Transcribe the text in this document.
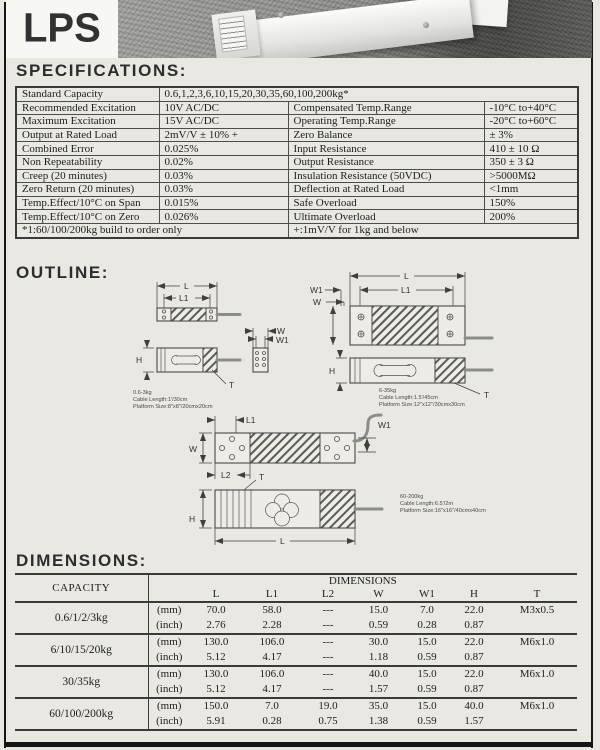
LPS
SPECIFICATIONS:
OUTLINE:
DIMENSIONS:
Standard Capacity	0.6,1,2,3,6,10,15,20,30,35,60,100,200kg*		
Recommended Excitation	10V AC/DC	Compensated Temp.Range	-10°C to+40°C
Maximum Excitation	15V AC/DC	Operating Temp.Range	-20°C to+60°C
Output at Rated Load	2mV/V ± 10% +	Zero Balance	± 3%
Combined Error	0.025%	Input Resistance	410 ± 10 Ω
Non Repeatability	0.02%	Output Resistance	350 ± 3 Ω
Creep (20 minutes)	0.03%	Insulation Resistance (50VDC)	>5000MΩ
Zero Return (20 minutes)	0.03%	Deflection at Rated Load	<1mm
Temp.Effect/10°C on Span	0.015%	Safe Overload	150%
Temp.Effect/10°C on Zero	0.026%	Ultimate Overload	200%
*1:60/100/200kg build to order only		+:1mV/V for 1kg and below	
L
L1
W
W1
H
T
0.6-3kg
Cable Length:1'/30cm
Platform Size:8"x8"/20cmx20cm
L
L1
W1
W
H
T
6-35kg
Cable Length:1.5'/45cm
Platform Size:12"x12"/30cmx30cm
L1	W1
W
L2	T
H
L
60-200kg
Cable Length:6.5'/2m
Platform Size:16"x16"/40cmx40cm
CAPACITY	DIMENSIONS							
		L	L1	L2	W	W1	H	T
0.6/1/2/3kg	(mm)	70.0	58.0	---	15.0	7.0	22.0	M3x0.5
	(inch)	2.76	2.28	---	0.59	0.28	0.87	
6/10/15/20kg	(mm)	130.0	106.0	---	30.0	15.0	22.0	M6x1.0
	(inch)	5.12	4.17	---	1.18	0.59	0.87	
30/35kg	(mm)	130.0	106.0	---	40.0	15.0	22.0	M6x1.0
	(inch)	5.12	4.17	---	1.57	0.59	0.87	
60/100/200kg	(mm)	150.0	7.0	19.0	35.0	15.0	40.0	M6x1.0
	(inch)	5.91	0.28	0.75	1.38	0.59	1.57	
